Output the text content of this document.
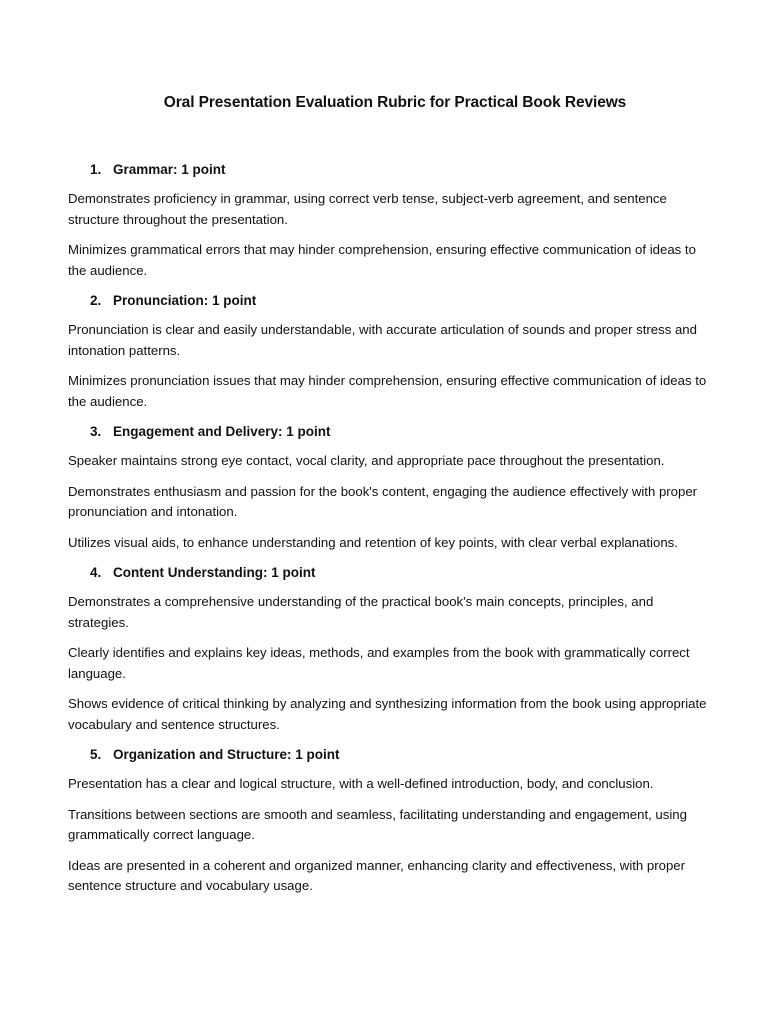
Oral Presentation Evaluation Rubric for Practical Book Reviews
1. Grammar: 1 point

Demonstrates proficiency in grammar, using correct verb tense, subject-verb agreement, and sentence structure throughout the presentation.

Minimizes grammatical errors that may hinder comprehension, ensuring effective communication of ideas to the audience.

2. Pronunciation: 1 point

Pronunciation is clear and easily understandable, with accurate articulation of sounds and proper stress and intonation patterns.

Minimizes pronunciation issues that may hinder comprehension, ensuring effective communication of ideas to the audience.

3. Engagement and Delivery: 1 point

Speaker maintains strong eye contact, vocal clarity, and appropriate pace throughout the presentation.

Demonstrates enthusiasm and passion for the book's content, engaging the audience effectively with proper pronunciation and intonation.

Utilizes visual aids, to enhance understanding and retention of key points, with clear verbal explanations.

4. Content Understanding: 1 point

Demonstrates a comprehensive understanding of the practical book's main concepts, principles, and strategies.

Clearly identifies and explains key ideas, methods, and examples from the book with grammatically correct language.

Shows evidence of critical thinking by analyzing and synthesizing information from the book using appropriate vocabulary and sentence structures.

5. Organization and Structure: 1 point

Presentation has a clear and logical structure, with a well-defined introduction, body, and conclusion.

Transitions between sections are smooth and seamless, facilitating understanding and engagement, using grammatically correct language.

Ideas are presented in a coherent and organized manner, enhancing clarity and effectiveness, with proper sentence structure and vocabulary usage.
